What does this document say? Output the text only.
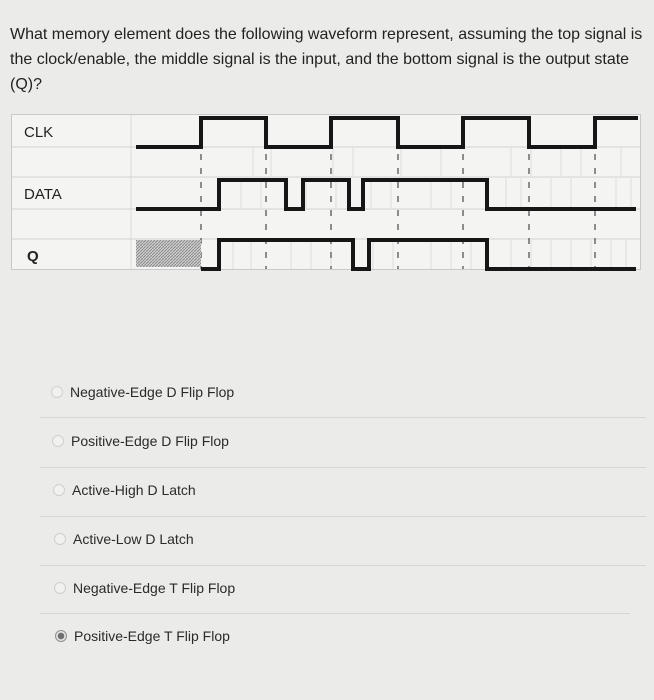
What memory element does the following waveform represent, assuming the top signal is the clock/enable, the middle signal is the input, and the bottom signal is the output state (Q)?

CLK
DATA
Q
Negative-Edge D Flip Flop
Positive-Edge D Flip Flop
Active-High D Latch
Active-Low D Latch
Negative-Edge T Flip Flop
Positive-Edge T Flip Flop
